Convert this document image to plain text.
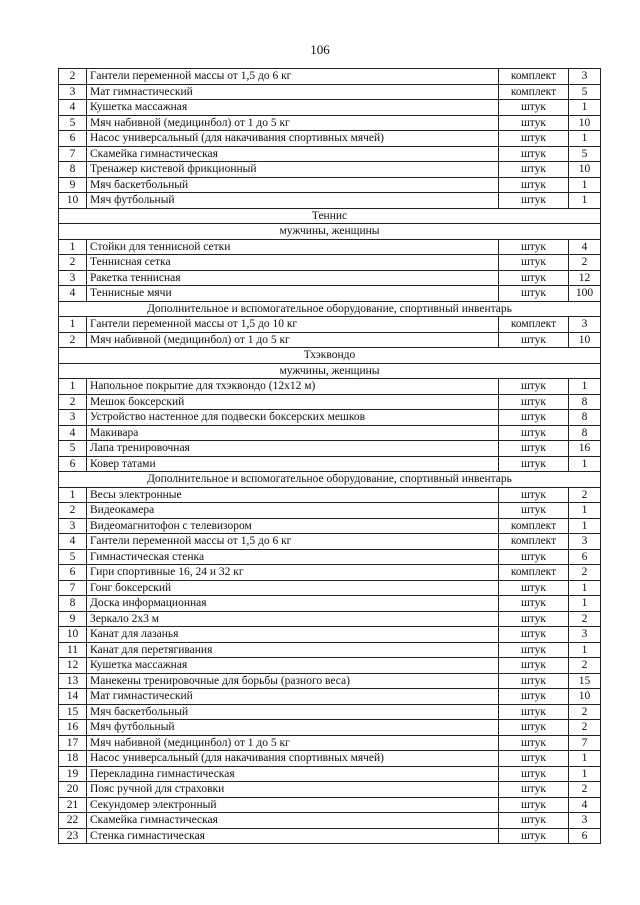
106
2	Гантели переменной массы от 1,5 до 6 кг	комплект	3
3	Мат гимнастический	комплект	5
4	Кушетка массажная	штук	1
5	Мяч набивной (медицинбол) от 1 до 5 кг	штук	10
6	Насос универсальный (для накачивания спортивных мячей)	штук	1
7	Скамейка гимнастическая	штук	5
8	Тренажер кистевой фрикционный	штук	10
9	Мяч баскетбольный	штук	1
10	Мяч футбольный	штук	1
Теннис			
мужчины, женщины			
1	Стойки для теннисной сетки	штук	4
2	Теннисная сетка	штук	2
3	Ракетка теннисная	штук	12
4	Теннисные мячи	штук	100
Дополнительное и вспомогательное оборудование, спортивный инвентарь			
1	Гантели переменной массы от 1,5 до 10 кг	комплект	3
2	Мяч набивной (медицинбол) от 1 до 5 кг	штук	10
Тхэквондо			
мужчины, женщины			
1	Напольное покрытие для тхэквондо (12х12 м)	штук	1
2	Мешок боксерский	штук	8
3	Устройство настенное для подвески боксерских мешков	штук	8
4	Макивара	штук	8
5	Лапа тренировочная	штук	16
6	Ковер татами	штук	1
Дополнительное и вспомогательное оборудование, спортивный инвентарь			
1	Весы электронные	штук	2
2	Видеокамера	штук	1
3	Видеомагнитофон с телевизором	комплект	1
4	Гантели переменной массы от 1,5 до 6 кг	комплект	3
5	Гимнастическая стенка	штук	6
6	Гири спортивные 16, 24 и 32 кг	комплект	2
7	Гонг боксерский	штук	1
8	Доска информационная	штук	1
9	Зеркало 2х3 м	штук	2
10	Канат для лазанья	штук	3
11	Канат для перетягивания	штук	1
12	Кушетка массажная	штук	2
13	Манекены тренировочные для борьбы (разного веса)	штук	15
14	Мат гимнастический	штук	10
15	Мяч баскетбольный	штук	2
16	Мяч футбольный	штук	2
17	Мяч набивной (медицинбол) от 1 до 5 кг	штук	7
18	Насос универсальный (для накачивания спортивных мячей)	штук	1
19	Перекладина гимнастическая	штук	1
20	Пояс ручной для страховки	штук	2
21	Секундомер электронный	штук	4
22	Скамейка гимнастическая	штук	3
23	Стенка гимнастическая	штук	6
